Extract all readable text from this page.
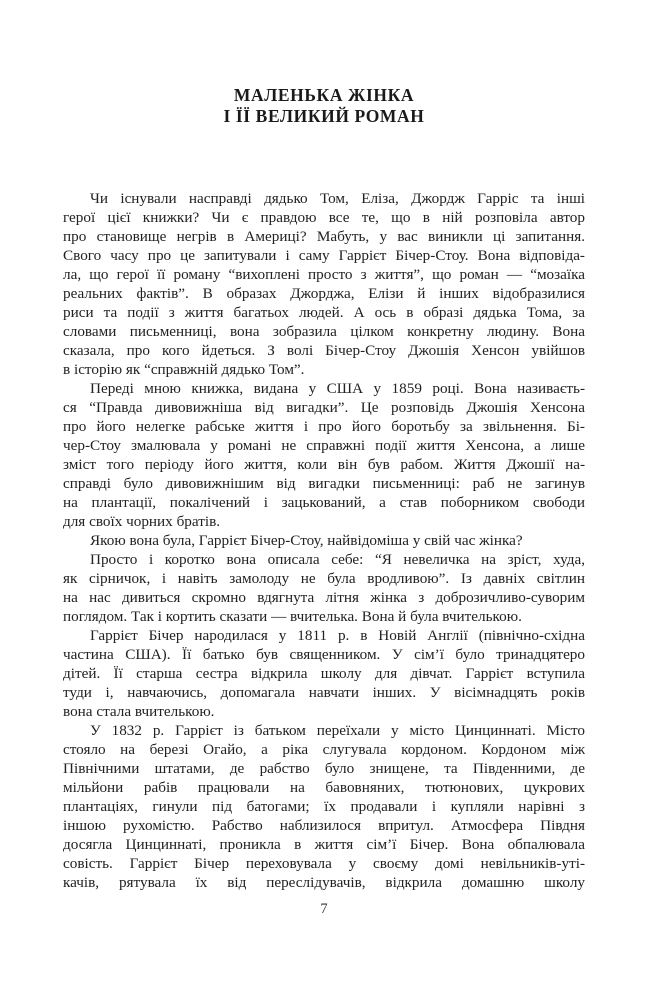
МАЛЕНЬКА ЖІНКА
І ЇЇ ВЕЛИКИЙ РОМАН
Чи існували насправді дядько Том, Еліза, Джордж Гарріс та інші
герої цієї книжки? Чи є правдою все те, що в ній розповіла автор
про становище негрів в Америці? Мабуть, у вас виникли ці запитання.
Свого часу про це запитували і саму Гаррієт Бічер-Стоу. Вона відповіда-
ла, що герої її роману “вихоплені просто з життя”, що роман — “мозаїка
реальних фактів”. В образах Джорджа, Елізи й інших відобразилися
риси та події з життя багатьох людей. А ось в образі дядька Тома, за
словами письменниці, вона зобразила цілком конкретну людину. Вона
сказала, про кого йдеться. З волі Бічер-Стоу Джошія Хенсон увійшов
в історію як “справжній дядько Том”.
Переді мною книжка, видана у США у 1859 році. Вона називаєть-
ся “Правда дивовижніша від вигадки”. Це розповідь Джошія Хенсона
про його нелегке рабське життя і про його боротьбу за звільнення. Бі-
чер-Стоу змалювала у романі не справжні події життя Хенсона, а лише
зміст того періоду його життя, коли він був рабом. Життя Джошії на-
справді було дивовижнішим від вигадки письменниці: раб не загинув
на плантації, покалічений і зацькований, а став поборником свободи
для своїх чорних братів.
Якою вона була, Гаррієт Бічер-Стоу, найвідоміша у свій час жінка?
Просто і коротко вона описала себе: “Я невеличка на зріст, худа,
як сірничок, і навіть замолоду не була вродливою”. Із давніх світлин
на нас дивиться скромно вдягнута літня жінка з доброзичливо-суворим
поглядом. Так і кортить сказати — вчителька. Вона й була вчителькою.
Гаррієт Бічер народилася у 1811 р. в Новій Англії (північно-східна
частина США). Її батько був священником. У сім’ї було тринадцятеро
дітей. Її старша сестра відкрила школу для дівчат. Гаррієт вступила
туди і, навчаючись, допомагала навчати інших. У вісімнадцять років
вона стала вчителькою.
У 1832 р. Гаррієт із батьком переїхали у місто Цинциннаті. Місто
стояло на березі Огайо, а ріка слугувала кордоном. Кордоном між
Північними штатами, де рабство було знищене, та Південними, де
мільйони рабів працювали на бавовняних, тютюнових, цукрових
плантаціях, гинули під батогами; їх продавали і купляли нарівні з
іншою рухомістю. Рабство наблизилося впритул. Атмосфера Півдня
досягла Цинциннаті, проникла в життя сім’ї Бічер. Вона обпалювала
совість. Гаррієт Бічер переховувала у своєму домі невільників-уті-
качів, рятувала їх від переслідувачів, відкрила домашню школу
7
